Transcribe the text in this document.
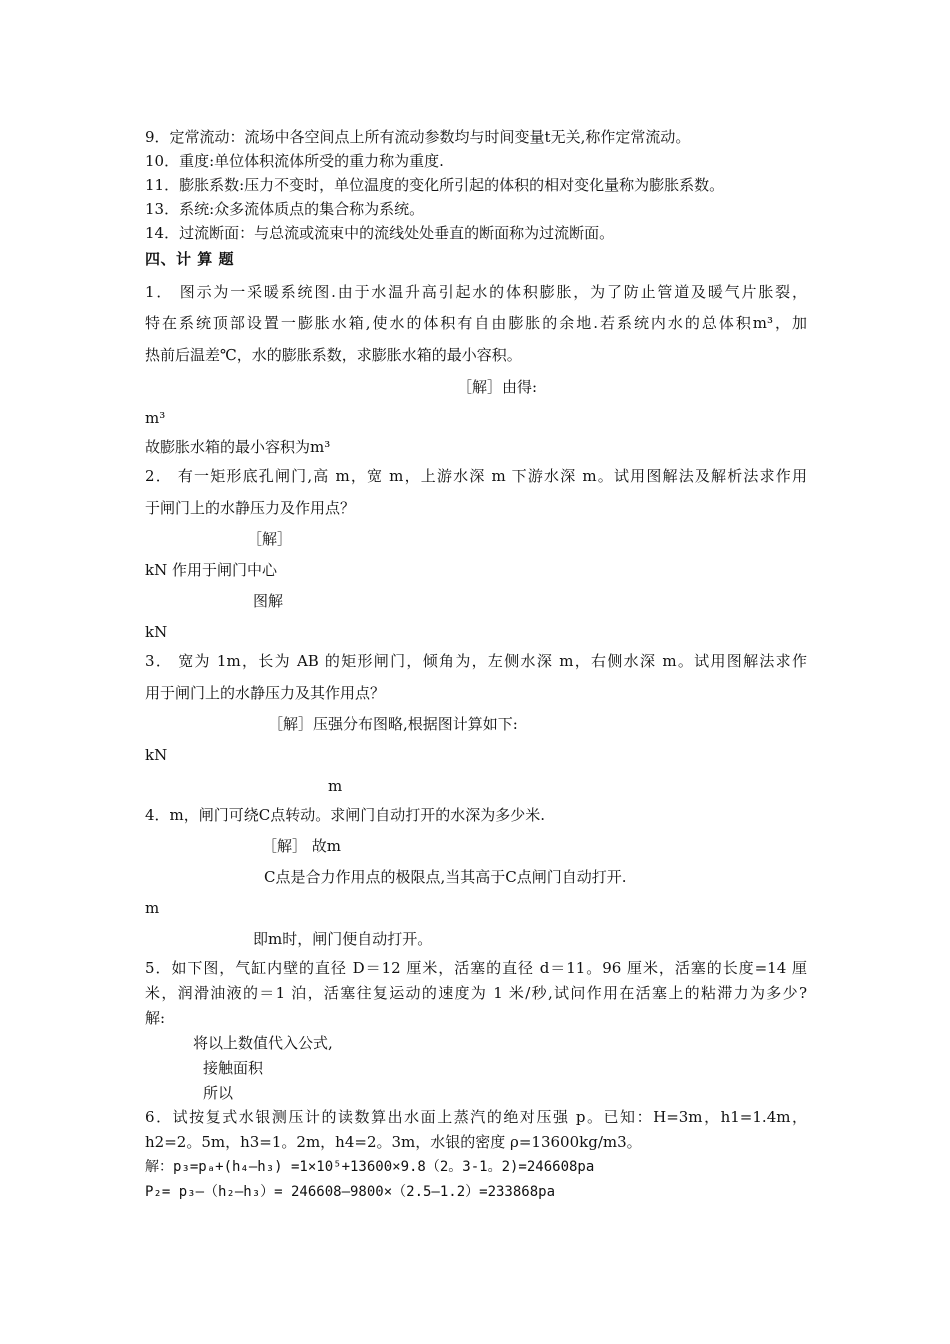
9．定常流动：流场中各空间点上所有流动参数均与时间变量t无关,称作定常流动。
10．重度:单位体积流体所受的重力称为重度.
11．膨胀系数:压力不变时，单位温度的变化所引起的体积的相对变化量称为膨胀系数。
13．系统:众多流体质点的集合称为系统。
14．过流断面：与总流或流束中的流线处处垂直的断面称为过流断面。
四、计 算 题
1． 图示为一采暖系统图.由于水温升高引起水的体积膨胀，为了防止管道及暖气片胀裂，
特在系统顶部设置一膨胀水箱,使水的体积有自由膨胀的余地.若系统内水的总体积m³，加
热前后温差℃，水的膨胀系数，求膨胀水箱的最小容积。
［解］由得:
m³
故膨胀水箱的最小容积为m³
2． 有一矩形底孔闸门,高 m，宽 m，上游水深 m 下游水深 m。试用图解法及解析法求作用
于闸门上的水静压力及作用点？
［解］
kN 作用于闸门中心
图解
kN
3． 宽为 1m，长为 AB 的矩形闸门，倾角为，左侧水深 m，右侧水深 m。试用图解法求作
用于闸门上的水静压力及其作用点？
［解］压强分布图略,根据图计算如下:
kN
m
4．m，闸门可绕C点转动。求闸门自动打开的水深为多少米.
［解］ 故m
C点是合力作用点的极限点,当其高于C点闸门自动打开.
m
即m时，闸门便自动打开。
5．如下图，气缸内壁的直径 D＝12 厘米，活塞的直径 d＝11。96 厘米，活塞的长度=14 厘
米，润滑油液的＝1 泊，活塞往复运动的速度为 1 米/秒,试问作用在活塞上的粘滞力为多少?
解:
将以上数值代入公式,
接触面积
所以
6．试按复式水银测压计的读数算出水面上蒸汽的绝对压强 p。已知：H=3m，h1=1.4m，
h2=2。5m，h3=1。2m，h4=2。3m，水银的密度 ρ=13600kg/m3。
解：p₃=pₐ+(h₄–h₃) =1×10⁵+13600×9.8（2。3-1。2)=246608pa
P₂= p₃—（h₂—h₃）= 246608—9800×（2.5—1.2）=233868pa
